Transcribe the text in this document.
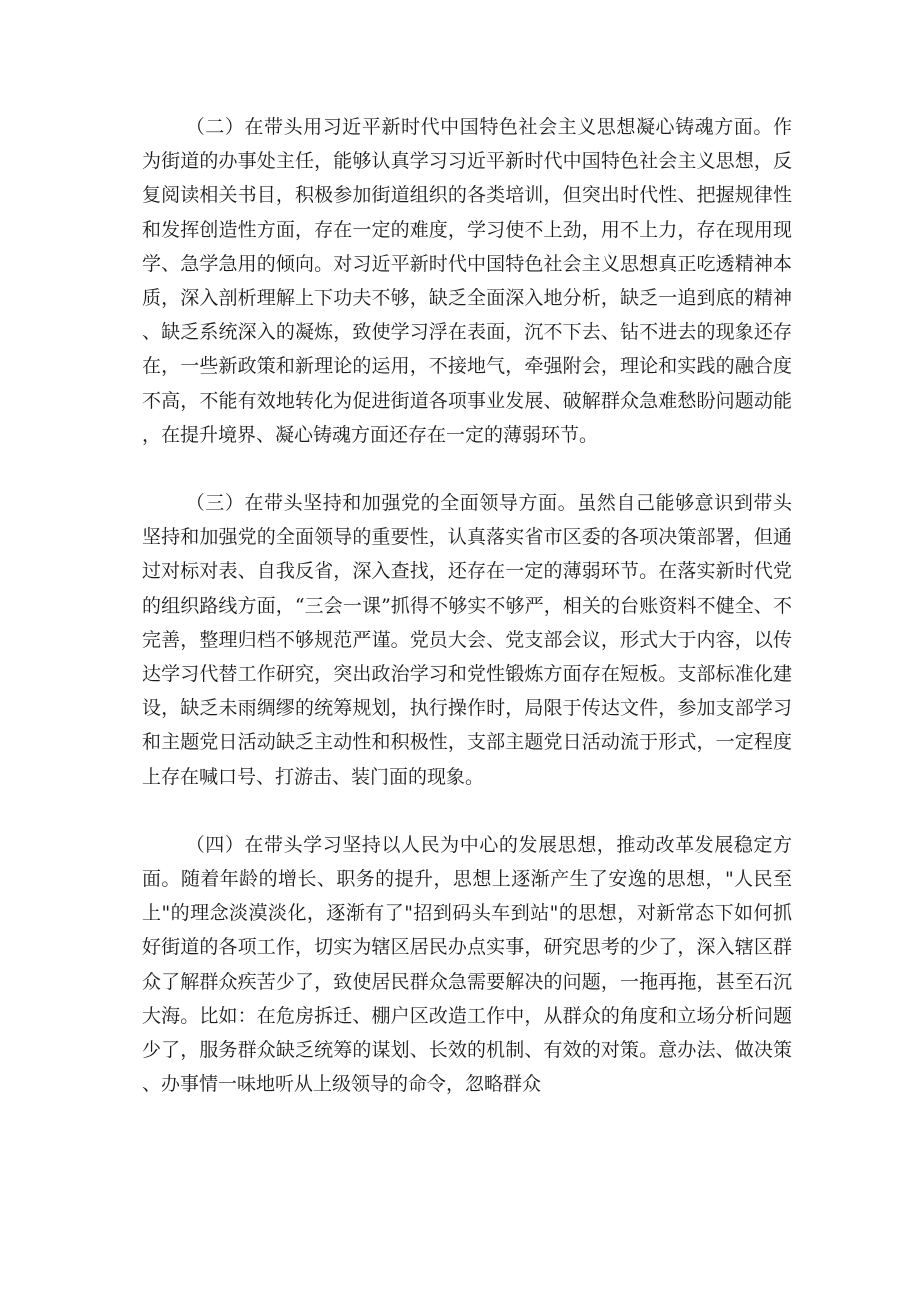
（二）在带头用习近平新时代中国特色社会主义思想凝心铸魂方面。作为街道的办事处主任，能够认真学习习近平新时代中国特色社会主义思想，反复阅读相关书目，积极参加街道组织的各类培训，但突出时代性、把握规律性和发挥创造性方面，存在一定的难度，学习使不上劲，用不上力，存在现用现学、急学急用的倾向。对习近平新时代中国特色社会主义思想真正吃透精神本质，深入剖析理解上下功夫不够，缺乏全面深入地分析，缺乏一追到底的精神、缺乏系统深入的凝炼，致使学习浮在表面，沉不下去、钻不进去的现象还存在，一些新政策和新理论的运用，不接地气，牵强附会，理论和实践的融合度不高，不能有效地转化为促进街道各项事业发展、破解群众急难愁盼问题动能，在提升境界、凝心铸魂方面还存在一定的薄弱环节。

（三）在带头坚持和加强党的全面领导方面。虽然自己能够意识到带头坚持和加强党的全面领导的重要性，认真落实省市区委的各项决策部署，但通过对标对表、自我反省，深入查找，还存在一定的薄弱环节。在落实新时代党的组织路线方面，“三会一课”抓得不够实不够严，相关的台账资料不健全、不完善，整理归档不够规范严谨。党员大会、党支部会议，形式大于内容，以传达学习代替工作研究，突出政治学习和党性锻炼方面存在短板。支部标准化建设，缺乏未雨绸缪的统筹规划，执行操作时，局限于传达文件，参加支部学习和主题党日活动缺乏主动性和积极性，支部主题党日活动流于形式，一定程度上存在喊口号、打游击、装门面的现象。

（四）在带头学习坚持以人民为中心的发展思想，推动改革发展稳定方面。随着年龄的增长、职务的提升，思想上逐渐产生了安逸的思想，"人民至上"的理念淡漠淡化，逐渐有了"招到码头车到站"的思想，对新常态下如何抓好街道的各项工作，切实为辖区居民办点实事，研究思考的少了，深入辖区群众了解群众疾苦少了，致使居民群众急需要解决的问题，一拖再拖，甚至石沉大海。比如：在危房拆迁、棚户区改造工作中，从群众的角度和立场分析问题少了，服务群众缺乏统筹的谋划、长效的机制、有效的对策。意办法、做决策、办事情一味地听从上级领导的命令，忽略群众
